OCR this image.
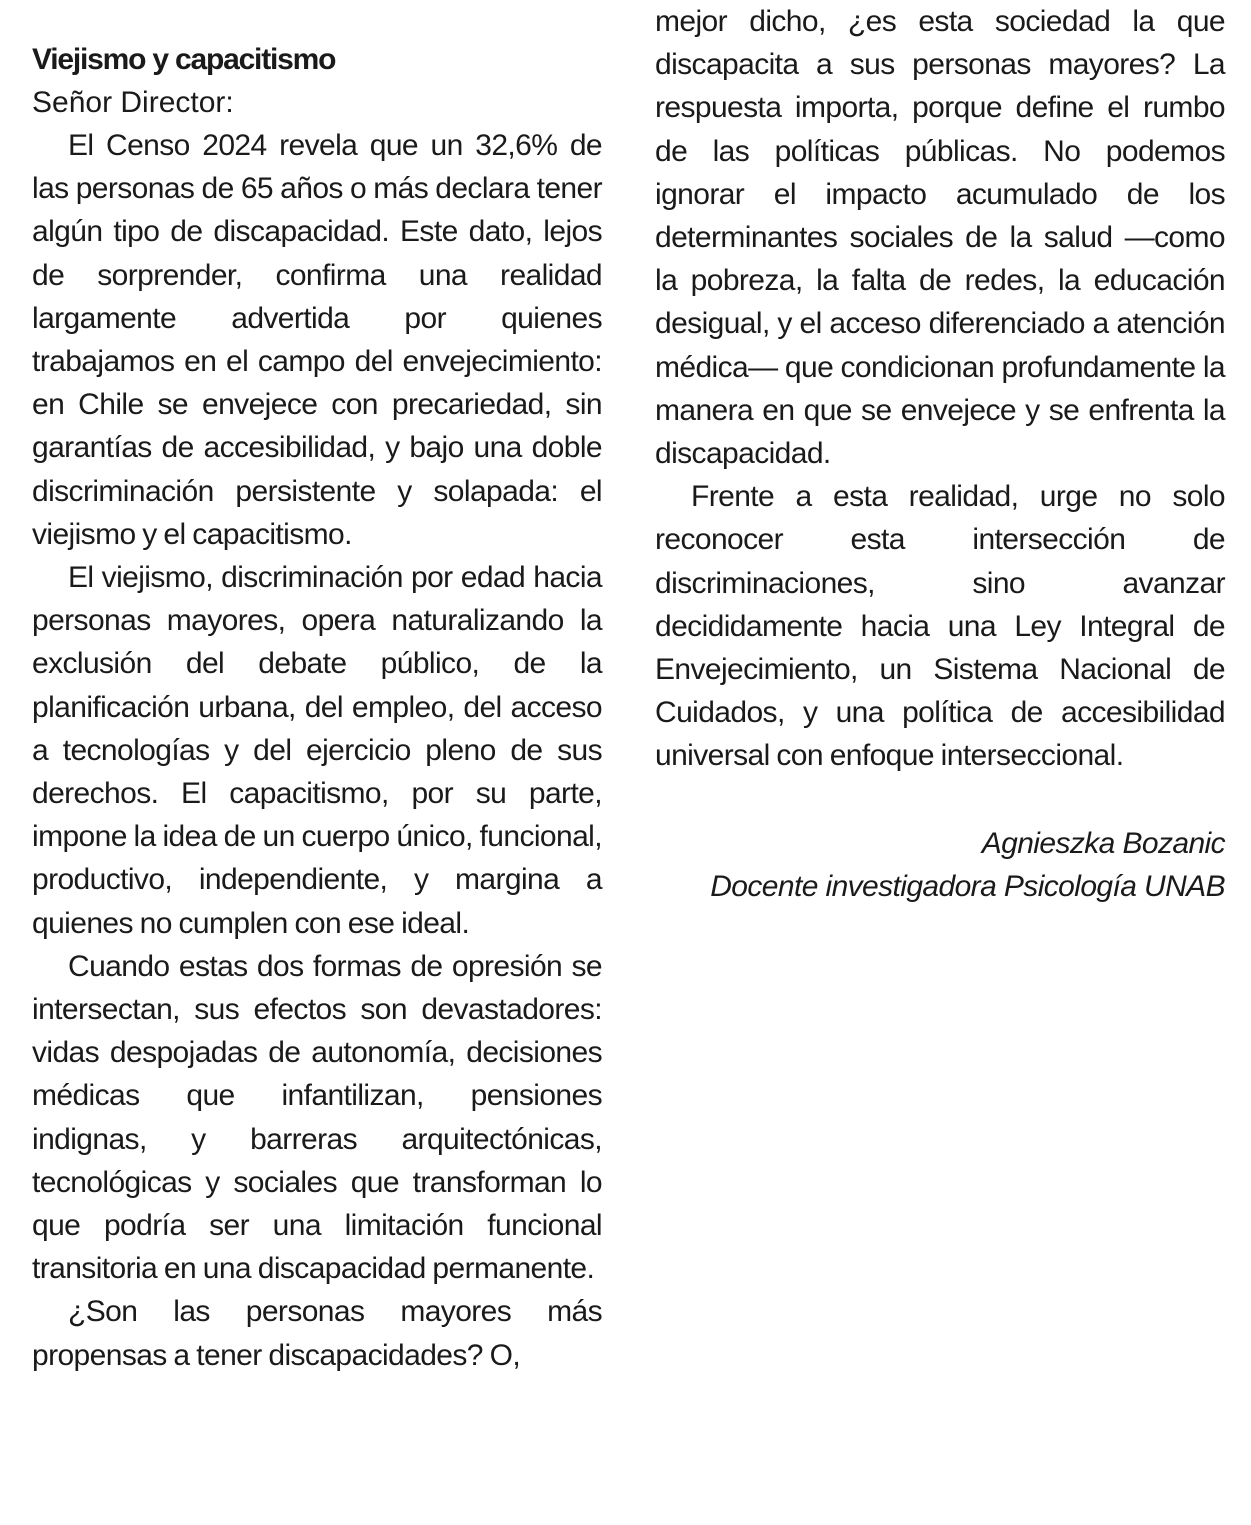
Viejismo y capacitismo

Señor Director:

El Censo 2024 revela que un 32,6% de las personas de 65 años o más declara tener algún tipo de discapacidad. Este dato, lejos de sorprender, confirma una realidad largamente advertida por quienes trabajamos en el campo del envejecimiento: en Chile se envejece con precariedad, sin garantías de accesibilidad, y bajo una doble discriminación persistente y solapada: el viejismo y el capacitismo.

El viejismo, discriminación por edad hacia personas mayores, opera naturalizando la exclusión del debate público, de la planificación urbana, del empleo, del acceso a tecnologías y del ejercicio pleno de sus derechos. El capacitismo, por su parte, impone la idea de un cuerpo único, funcional, productivo, independiente, y margina a quienes no cumplen con ese ideal.

Cuando estas dos formas de opresión se intersectan, sus efectos son devastadores: vidas despojadas de autonomía, decisiones médicas que infantilizan, pensiones indignas, y barreras arquitectónicas, tecnológicas y sociales que transforman lo que podría ser una limitación funcional transitoria en una discapacidad permanente.

¿Son las personas mayores más propensas a tener discapacidades? O,

mejor dicho, ¿es esta sociedad la que discapacita a sus personas mayores? La respuesta importa, porque define el rumbo de las políticas públicas. No podemos ignorar el impacto acumulado de los determinantes sociales de la salud —como la pobreza, la falta de redes, la educación desigual, y el acceso diferenciado a atención médica— que condicionan profundamente la manera en que se envejece y se enfrenta la discapacidad.

Frente a esta realidad, urge no solo reconocer esta intersección de discriminaciones, sino avanzar decididamente hacia una Ley Integral de Envejecimiento, un Sistema Nacional de Cuidados, y una política de accesibilidad universal con enfoque interseccional.

Agnieszka Bozanic
Docente investigadora Psicología UNAB
